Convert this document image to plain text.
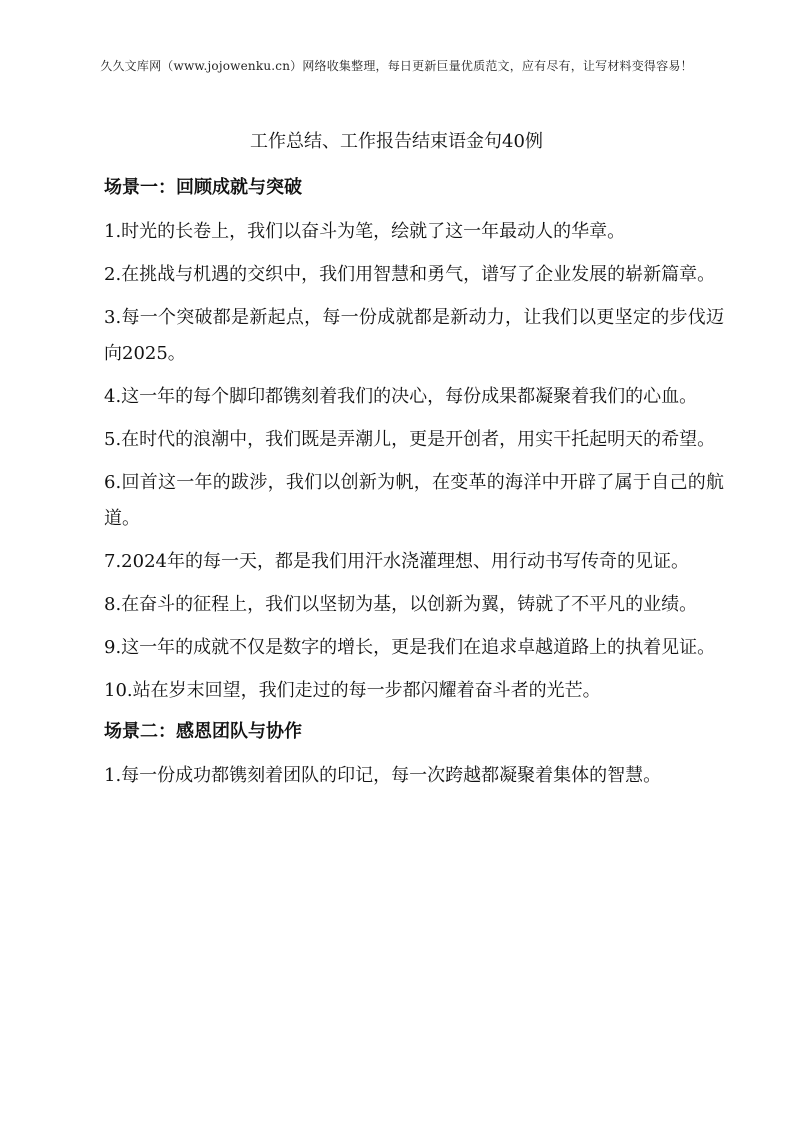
久久文库网（www.jojowenku.cn）网络收集整理，每日更新巨量优质范文，应有尽有，让写材料变得容易！
工作总结、工作报告结束语金句40例
场景一：回顾成就与突破

1.时光的长卷上，我们以奋斗为笔，绘就了这一年最动人的华章。

2.在挑战与机遇的交织中，我们用智慧和勇气，谱写了企业发展的崭新篇章。

3.每一个突破都是新起点，每一份成就都是新动力，让我们以更坚定的步伐迈向2025。

4.这一年的每个脚印都镌刻着我们的决心，每份成果都凝聚着我们的心血。

5.在时代的浪潮中，我们既是弄潮儿，更是开创者，用实干托起明天的希望。

6.回首这一年的跋涉，我们以创新为帆，在变革的海洋中开辟了属于自己的航道。

7.2024年的每一天，都是我们用汗水浇灌理想、用行动书写传奇的见证。

8.在奋斗的征程上，我们以坚韧为基，以创新为翼，铸就了不平凡的业绩。

9.这一年的成就不仅是数字的增长，更是我们在追求卓越道路上的执着见证。

10.站在岁末回望，我们走过的每一步都闪耀着奋斗者的光芒。

场景二：感恩团队与协作

1.每一份成功都镌刻着团队的印记，每一次跨越都凝聚着集体的智慧。
